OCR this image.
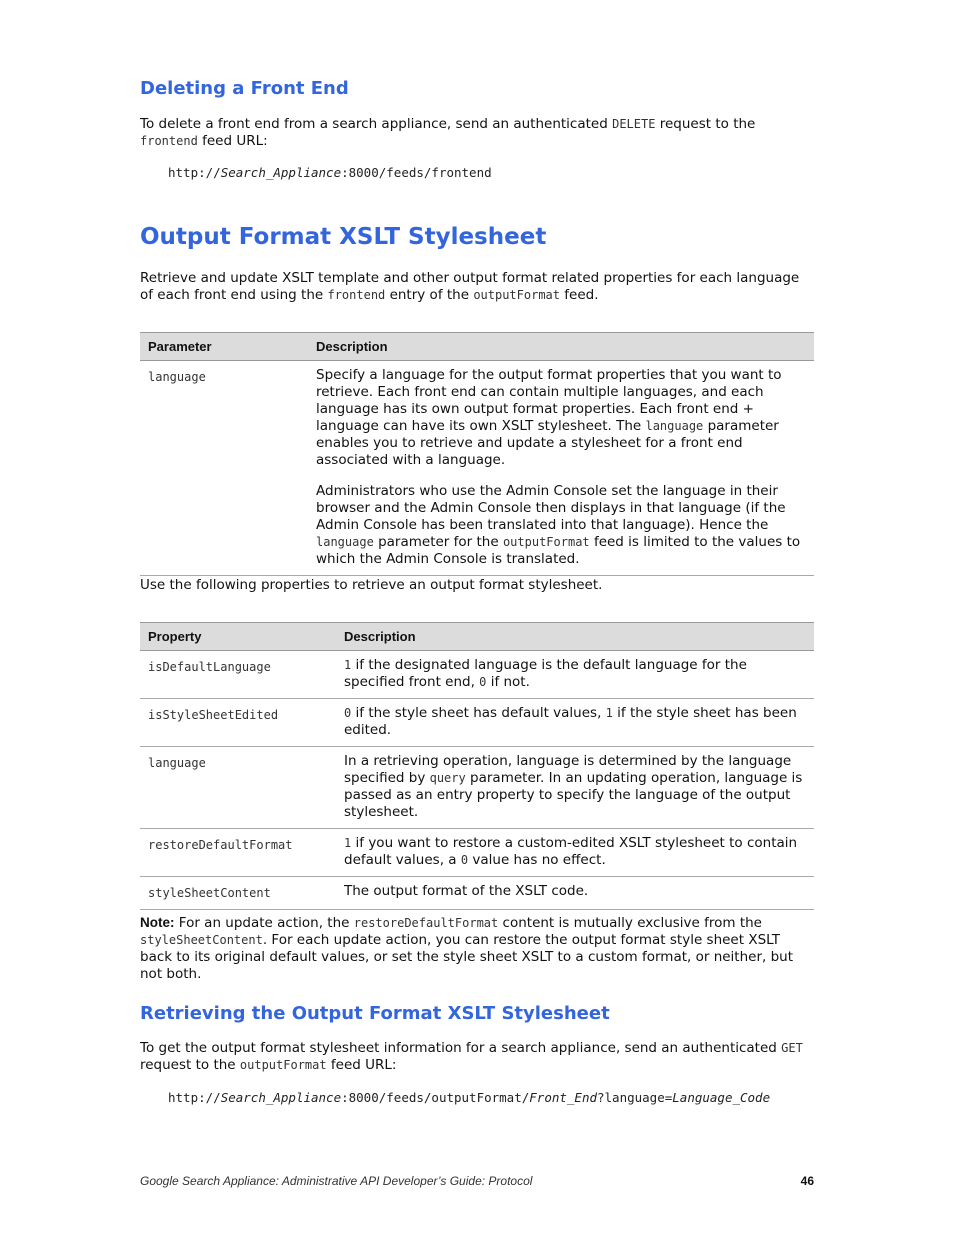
Deleting a Front End

To delete a front end from a search appliance, send an authenticated DELETE request to the frontend feed URL:

http://Search_Appliance:8000/feeds/frontend

Output Format XSLT Stylesheet

Retrieve and update XSLT template and other output format related properties for each language of each front end using the frontend entry of the outputFormat feed.

Parameter	Description
language	Specify a language for the output format properties that you want to retrieve. Each front end can contain multiple languages, and each language has its own output format properties. Each front end + language can have its own XSLT stylesheet. The language parameter enables you to retrieve and update a stylesheet for a front end associated with a language.
Administrators who use the Admin Console set the language in their browser and the Admin Console then displays in that language (if the Admin Console has been translated into that language). Hence the language parameter for the outputFormat feed is limited to the values to which the Admin Console is translated.

Use the following properties to retrieve an output format stylesheet.

Property	Description
isDefaultLanguage	1 if the designated language is the default language for the specified front end, 0 if not.
isStyleSheetEdited	0 if the style sheet has default values, 1 if the style sheet has been edited.
language	In a retrieving operation, language is determined by the language specified by query parameter. In an updating operation, language is passed as an entry property to specify the language of the output stylesheet.
restoreDefaultFormat	1 if you want to restore a custom-edited XSLT stylesheet to contain default values, a 0 value has no effect.
styleSheetContent	The output format of the XSLT code.

Note: For an update action, the restoreDefaultFormat content is mutually exclusive from the styleSheetContent. For each update action, you can restore the output format style sheet XSLT back to its original default values, or set the style sheet XSLT to a custom format, or neither, but not both.

Retrieving the Output Format XSLT Stylesheet

To get the output format stylesheet information for a search appliance, send an authenticated GET request to the outputFormat feed URL:

http://Search_Appliance:8000/feeds/outputFormat/Front_End?language=Language_Code

Google Search Appliance: Administrative API Developer’s Guide: Protocol	46
